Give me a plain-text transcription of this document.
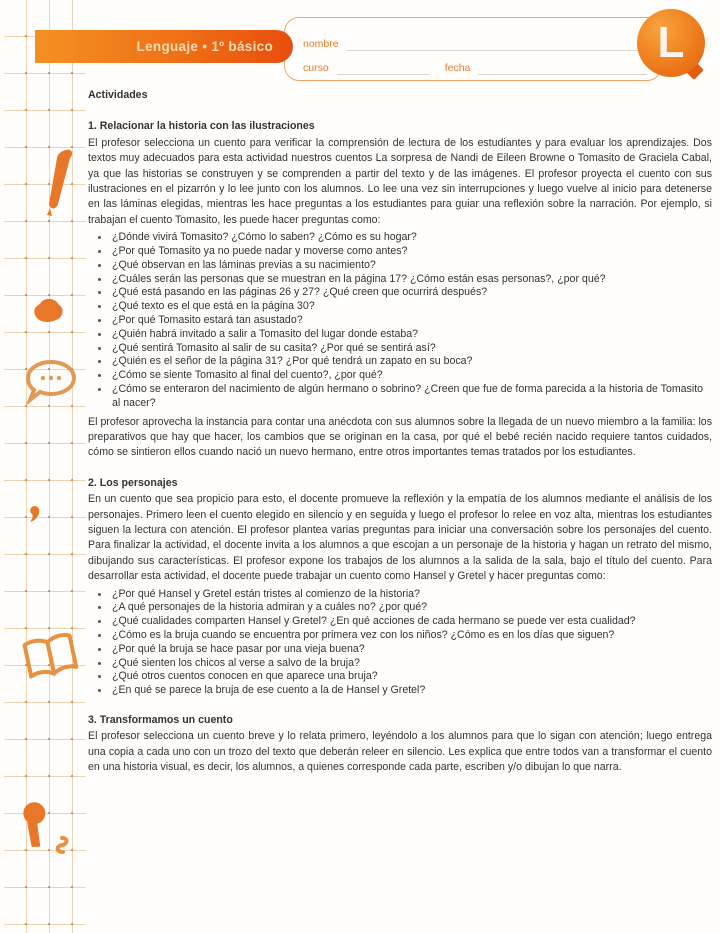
nombre
curso	fecha
Lenguaje • 1º básico	L

Actividades

1. Relacionar la historia con las ilustraciones

El profesor selecciona un cuento para verificar la comprensión de lectura de los estudiantes y para evaluar los aprendizajes. Dos textos muy adecuados para esta actividad nuestros cuentos La sorpresa de Nandi de Eileen Browne o Tomasito de Graciela Cabal, ya que las historias se construyen y se comprenden a partir del texto y de las imágenes. El profesor proyecta el cuento con sus ilustraciones en el pizarrón y lo lee junto con los alumnos. Lo lee una vez sin interrupciones y luego vuelve al inicio para detenerse en las láminas elegidas, mientras les hace preguntas a los estudiantes para guiar una reflexión sobre la narración. Por ejemplo, si trabajan el cuento Tomasito, les puede hacer preguntas como:

• ¿Dónde vivirá Tomasito? ¿Cómo lo saben? ¿Cómo es su hogar?
• ¿Por qué Tomasito ya no puede nadar y moverse como antes?
• ¿Qué observan en las láminas previas a su nacimiento?
• ¿Cuáles serán las personas que se muestran en la página 17? ¿Cómo están esas personas?, ¿por qué?
• ¿Qué está pasando en las páginas 26 y 27? ¿Qué creen que ocurrirá después?
• ¿Qué texto es el que está en la página 30?
• ¿Por qué Tomasito estará tan asustado?
• ¿Quién habrá invitado a salir a Tomasito del lugar donde estaba?
• ¿Qué sentirá Tomasito al salir de su casita? ¿Por qué se sentirá así?
• ¿Quién es el señor de la página 31? ¿Por qué tendrá un zapato en su boca?
• ¿Cómo se siente Tomasito al final del cuento?, ¿por qué?
• ¿Cómo se enteraron del nacimiento de algún hermano o sobrino? ¿Creen que fue de forma parecida a la historia de Tomasito al nacer?

El profesor aprovecha la instancia para contar una anécdota con sus alumnos sobre la llegada de un nuevo miembro a la familia: los preparativos que hay que hacer, los cambios que se originan en la casa, por qué el bebé recién nacido requiere tantos cuidados, cómo se sintieron ellos cuando nació un nuevo hermano, entre otros importantes temas tratados por los estudiantes.

2. Los personajes

En un cuento que sea propicio para esto, el docente promueve la reflexión y la empatía de los alumnos mediante el análisis de los personajes. Primero leen el cuento elegido en silencio y en seguida y luego el profesor lo relee en voz alta, mientras los estudiantes siguen la lectura con atención. El profesor plantea varias preguntas para iniciar una conversación sobre los personajes del cuento. Para finalizar la actividad, el docente invita a los alumnos a que escojan a un personaje de la historia y hagan un retrato del mismo, dibujando sus características. El profesor expone los trabajos de los alumnos a la salida de la sala, bajo el título del cuento. Para desarrollar esta actividad, el docente puede trabajar un cuento como Hansel y Gretel y hacer preguntas como:

• ¿Por qué Hansel y Gretel están tristes al comienzo de la historia?
• ¿A qué personajes de la historia admiran y a cuáles no? ¿por qué?
• ¿Qué cualidades comparten Hansel y Gretel? ¿En qué acciones de cada hermano se puede ver esta cualidad?
• ¿Cómo es la bruja cuando se encuentra por primera vez con los niños? ¿Cómo es en los días que siguen?
• ¿Por qué la bruja se hace pasar por una vieja buena?
• ¿Qué sienten los chicos al verse a salvo de la bruja?
• ¿Qué otros cuentos conocen en que aparece una bruja?
• ¿En qué se parece la bruja de ese cuento a la de Hansel y Gretel?
3. Transformamos un cuento

El profesor selecciona un cuento breve y lo relata primero, leyéndolo a los alumnos para que lo sigan con atención; luego entrega una copia a cada uno con un trozo del texto que deberán releer en silencio. Les explica que entre todos van a transformar el cuento en una historia visual, es decir, los alumnos, a quienes corresponde cada parte, escriben y/o dibujan lo que narra.
